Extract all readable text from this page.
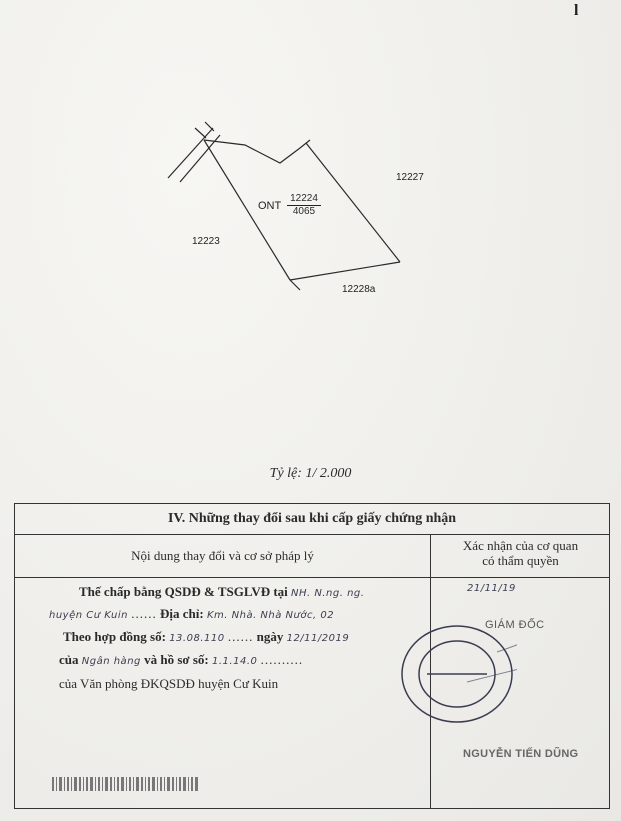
l
ONT $\frac{12224}{4065}$
12227
12223
12228a
Tỷ lệ: 1/ 2.000
IV. Những thay đổi sau khi cấp giấy chứng nhận
Nội dung thay đổi và cơ sở pháp lý
Xác nhận của cơ quan
có thẩm quyền
Thế chấp bằng QSDĐ & TSGLVĐ tại NH. N.ng. ng.
huyện Cư Kuin ...... Địa chỉ: Km. Nhà. Nhà Nước, 02
Theo hợp đồng số: 13.08.110 ...... ngày 12/11/2019
của Ngân hàng và hồ sơ số: 1.1.14.0 ..........
của Văn phòng ĐKQSDĐ huyện Cư Kuin
21/11/19
GIÁM ĐỐC
NGUYỄN TIẾN DŨNG
